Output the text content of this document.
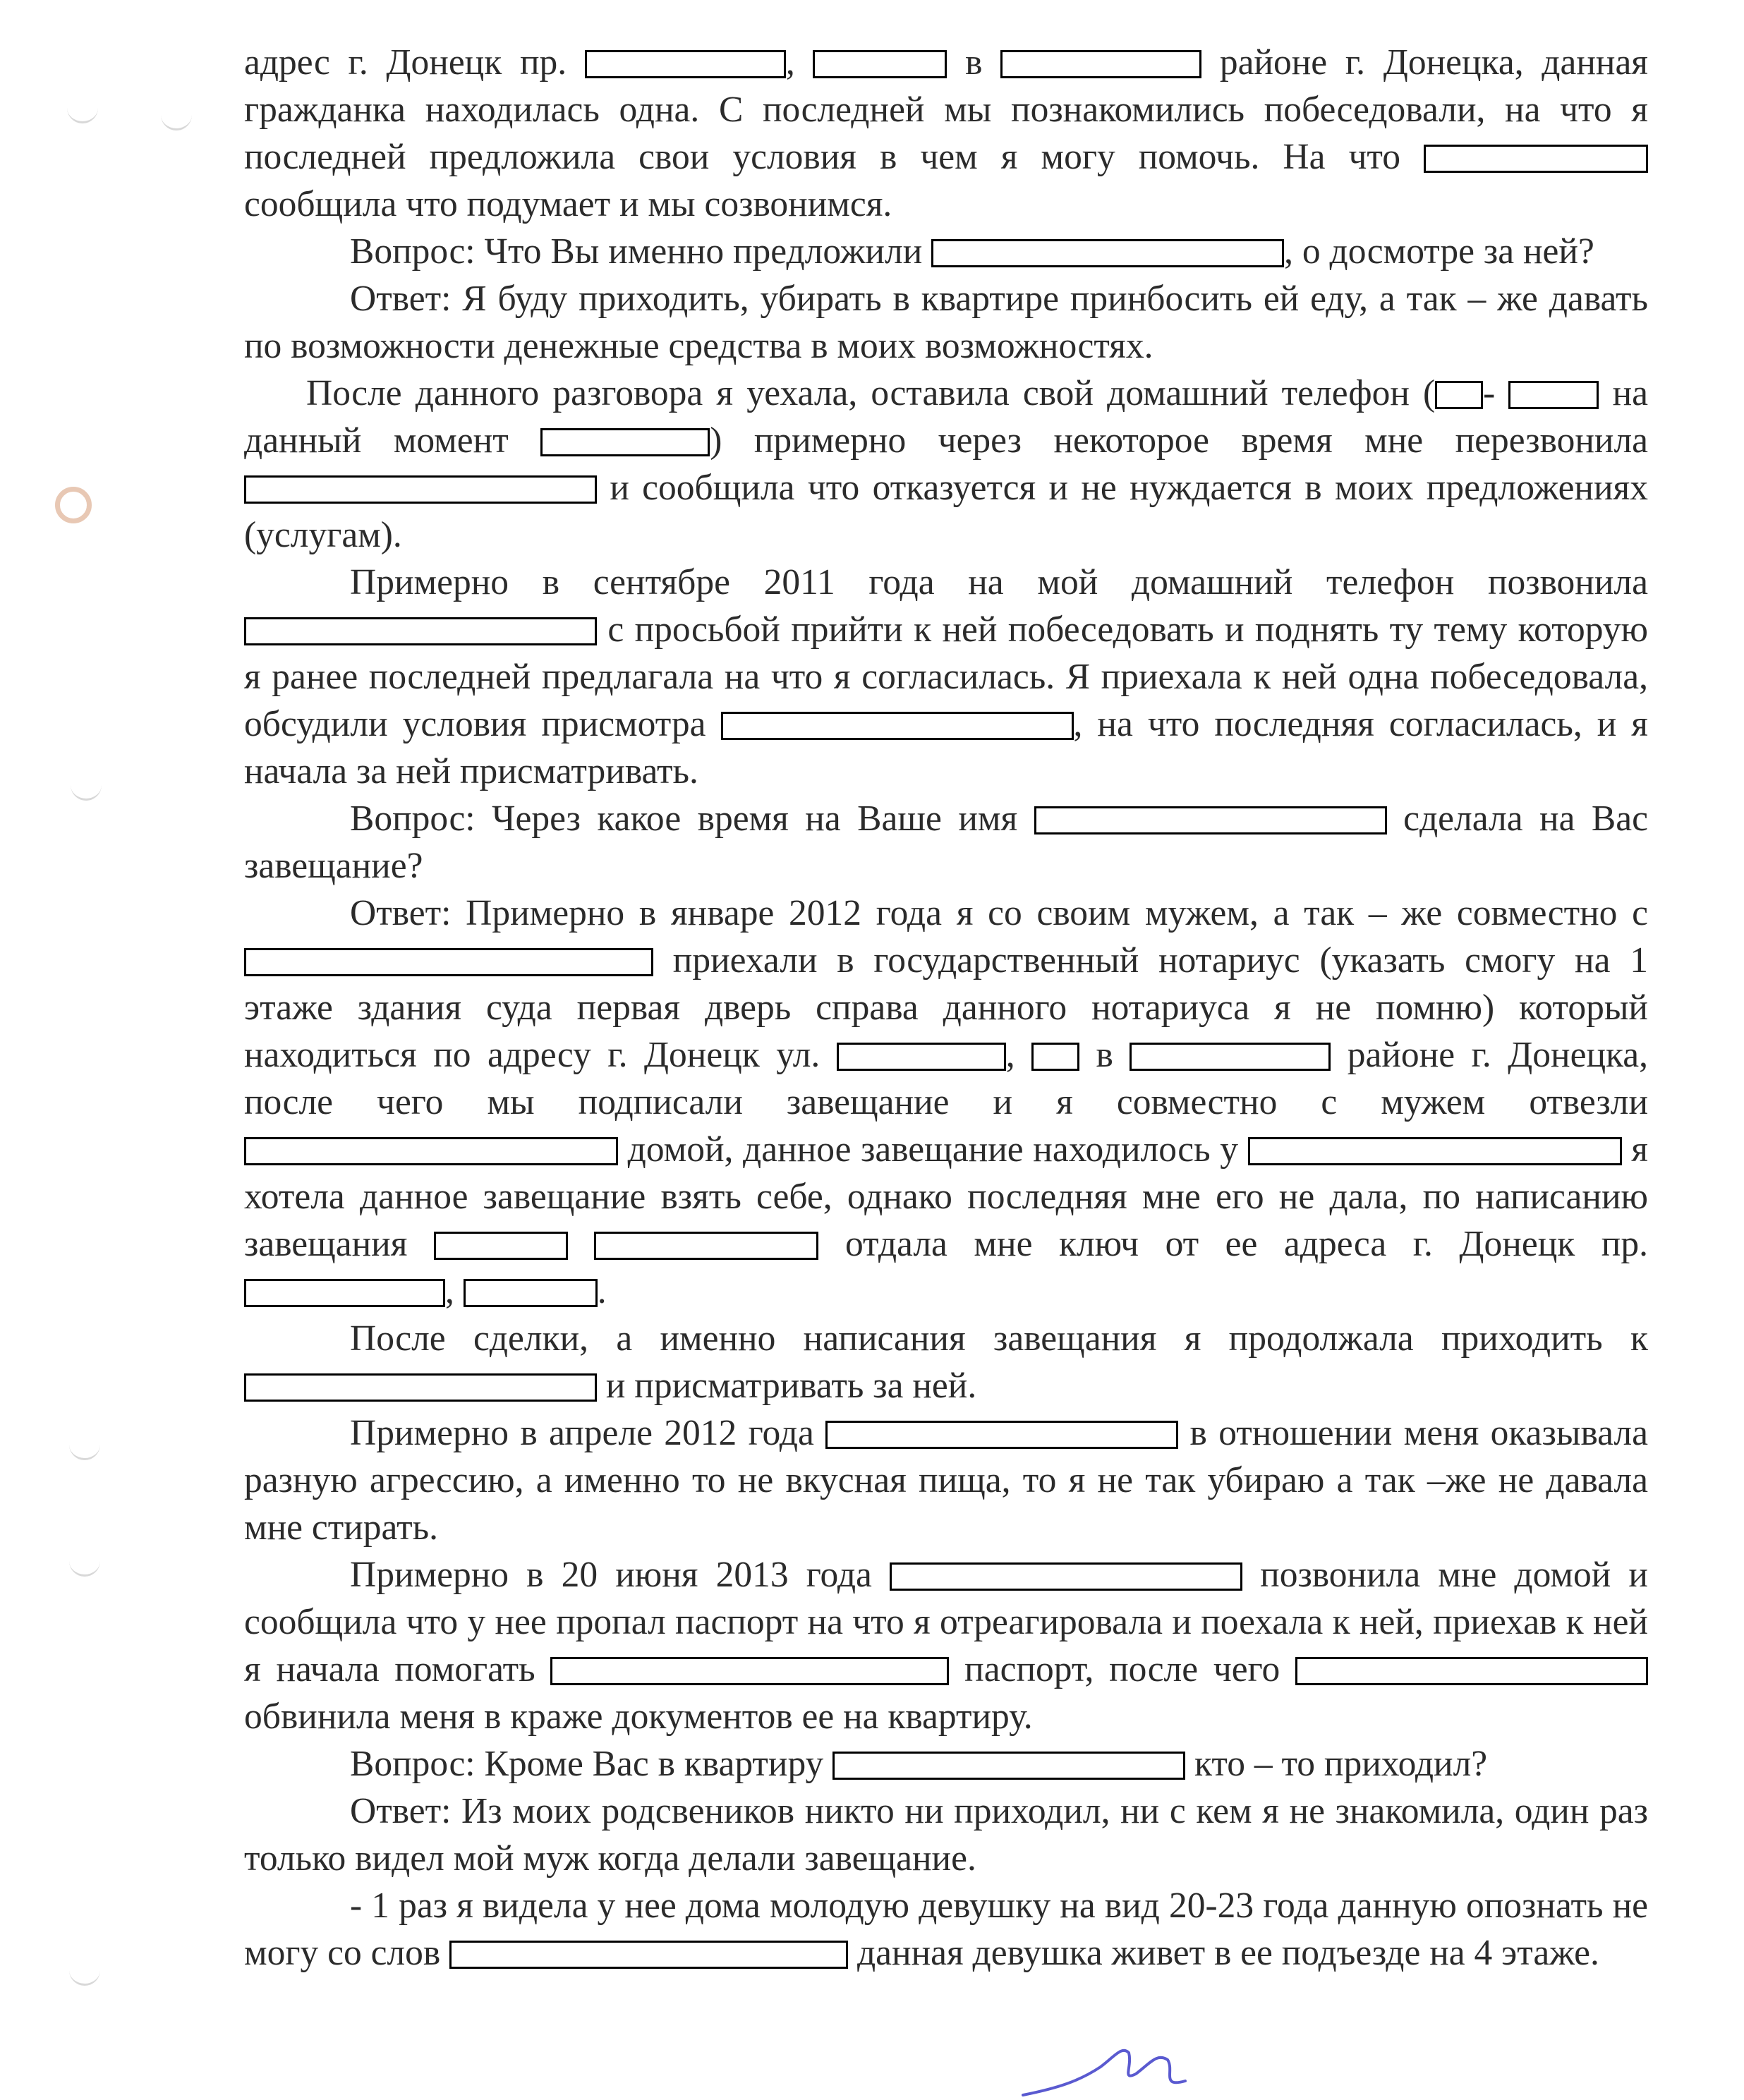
адрес г. Донецк пр.	,	в	районе г. Донецка, данная гражданка находилась одна. С последней мы познакомились побеседовали, на что я последней предложила свои условия в чем я могу помочь. На что  сообщила что подумает и мы созвонимся.

Вопрос: Что Вы именно предложили	, о досмотре за ней?

Ответ: Я буду приходить, убирать в квартире принбосить ей еду, а так – же давать по возможности денежные средства в моих возможностях.

После данного разговора я уехала, оставила свой домашний телефон ( -  на данный момент	) примерно через некоторое время мне перезвонила  и сообщила что отказуется и не нуждается в моих предложениях (услугам).

Примерно в сентябре 2011 года на мой домашний телефон позвонила  с просьбой прийти к ней побеседовать и поднять ту тему которую я ранее последней предлагала на что я согласилась. Я приехала к ней одна побеседовала, обсудили условия присмотра	, на что последняя согласилась, и я начала за ней присматривать.

Вопрос: Через какое время на Ваше имя	сделала на Вас завещание?

Ответ: Примерно в январе 2012 года я со своим мужем, а так – же совместно с  приехали в государственный нотариус (указать смогу на 1 этаже здания суда первая дверь справа данного нотариуса я не помню) который находиться по адресу г. Донецк ул.	,  в	районе г. Донецка, после чего мы подписали завещание и я совместно с мужем отвезли  домой, данное завещание находилось у	я хотела данное завещание взять себе, однако последняя мне его не дала, по написанию завещания	отдала мне ключ от ее адреса г. Донецк пр. ,	.

После сделки, а именно написания завещания я продолжала приходить к  и присматривать за ней.

Примерно в апреле 2012 года	в отношении меня оказывала разную агрессию, а именно то не вкусная пища, то я не так убираю а так –же не давала мне стирать.

Примерно в 20 июня 2013 года	позвонила мне домой и сообщила что у нее пропал паспорт на что я отреагировала и поехала к ней, приехав к ней я начала помогать	паспорт, после чего обвинила меня в краже документов ее на квартиру.

Вопрос: Кроме Вас в квартиру	кто – то приходил?

Ответ: Из моих родсвеников никто ни приходил, ни с кем я не знакомила, один раз только видел мой муж когда делали завещание.

- 1 раз я видела у нее дома молодую девушку на вид 20-23 года данную опознать не могу со слов	данная девушка живет в ее подъезде на 4 этаже.
